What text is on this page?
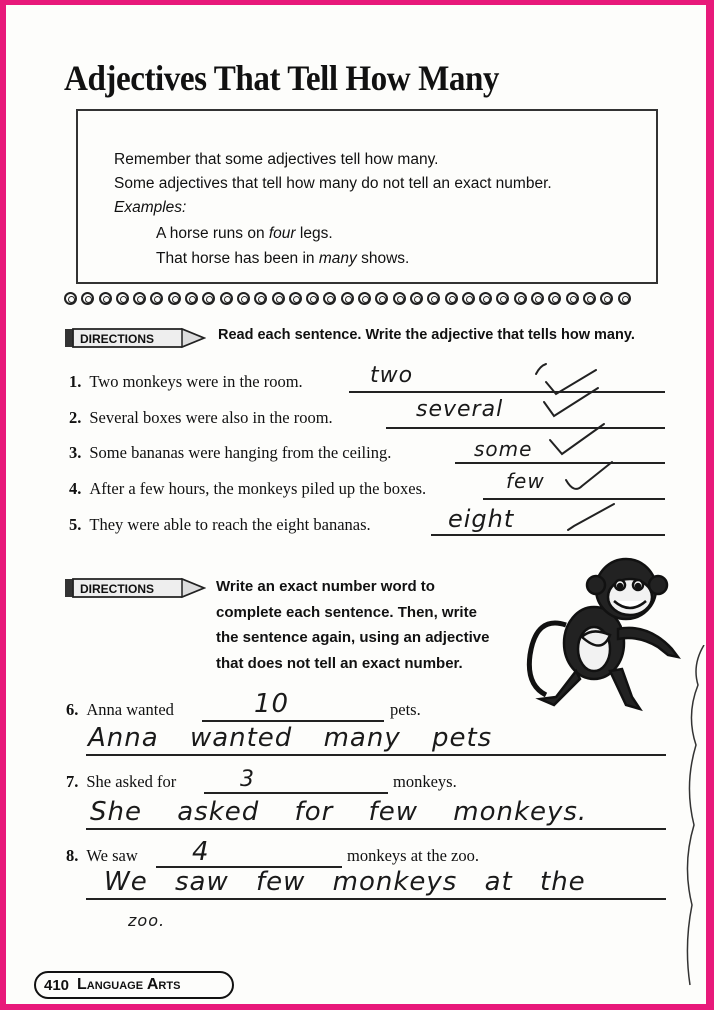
Adjectives That Tell How Many

Remember that some adjectives tell how many.

Some adjectives that tell how many do not tell an exact number.

Examples:

A horse runs on four legs.

That horse has been in many shows.

DIRECTIONS	Read each sentence. Write the adjective that tells how many.
1. Two monkeys were in the room.	two
2. Several boxes were also in the room.	several
3. Some bananas were hanging from the ceiling.	some
4. After a few hours, the monkeys piled up the boxes.	few
5. They were able to reach the eight bananas.	eight
DIRECTIONS	Write an exact number word to
complete each sentence. Then, write
the sentence again, using an adjective
that does not tell an exact number.
6. Anna wanted	10	pets.
Anna wanted many pets
7. She asked for	3	monkeys.
She asked for few monkeys.
8. We saw 4	monkeys at the zoo.
We saw few monkeys at the
zoo.
410 Language Arts
